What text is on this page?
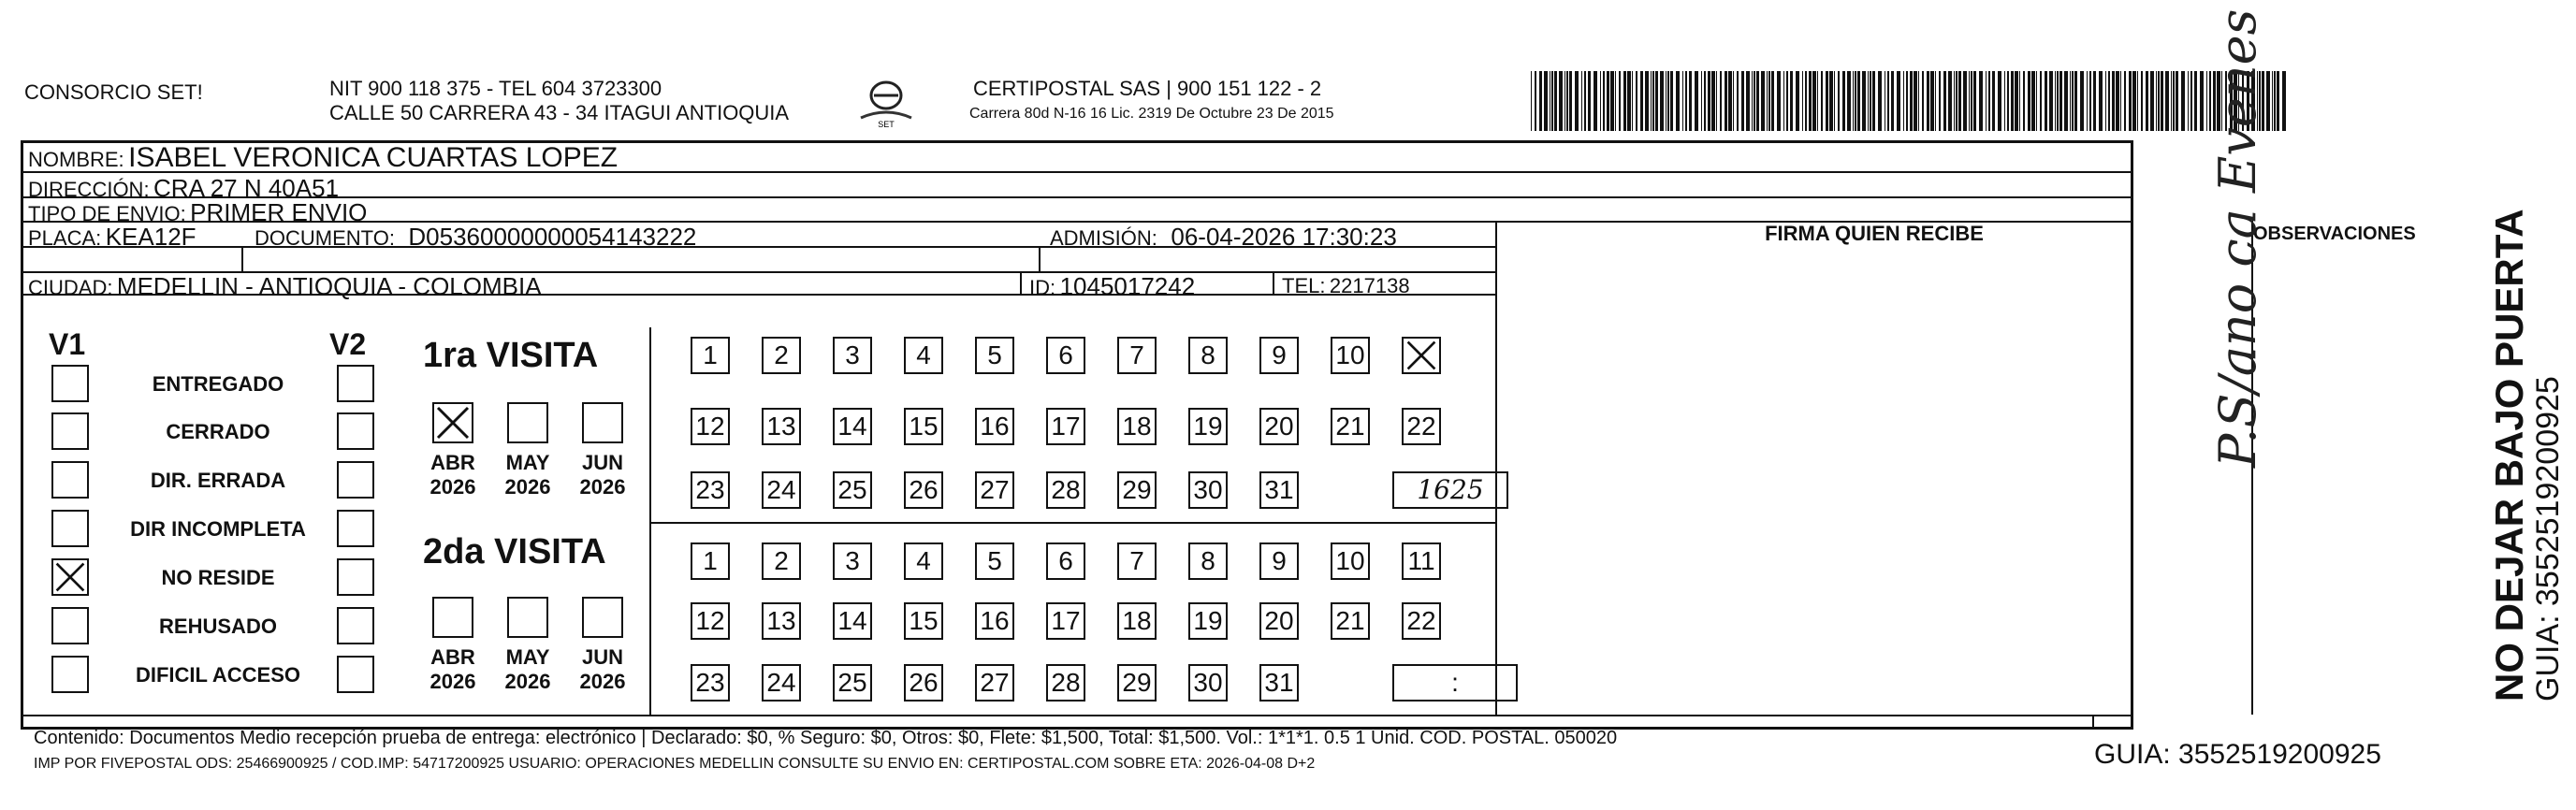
CONSORCIO SET!	NIT 900 118 375 - TEL 604 3723300
CALLE 50 CARRERA 43 - 34 ITAGUI ANTIOQUIA	SET
CERTIPOSTAL SAS | 900 151 122 - 2
Carrera 80d N-16 16 Lic. 2319 De Octubre 23 De 2015
NOMBRE: ISABEL VERONICA CUARTAS LOPEZ
DIRECCIÓN: CRA 27 N 40A51
TIPO DE ENVIO: PRIMER ENVIO
PLACA: KEA12F	DOCUMENTO: D05360000000054143222	ADMISIÓN: 06-04-2026 17:30:23
CIUDAD: MEDELLIN - ANTIOQUIA - COLOMBIA	ID: 1045017242	TEL: 2217138
FIRMA QUIEN RECIBE	OBSERVACIONES
V1	V2
ENTREGADO
CERRADO
DIR. ERRADA
DIR INCOMPLETA
NO RESIDE
REHUSADO
DIFICIL ACCESO
1ra VISITA
ABR
2026
MAY
2026
JUN
2026
1	2	3	4	5	6	7	8	9	10
12 13 14 15 16 17 18 19 20 21 22
23 24 25 26 27 28 29 30 31	1625
2da VISITA
ABR
2026
MAY
2026
JUN
2026
1	2	3	4	5	6	7	8	9	10 11
12 13 14 15 16 17 18 19 20 21 22
23 24 25 26 27 28 29 30 31	:
P.S/ano ca Evenes
Contenido: Documentos Medio recepción prueba de entrega: electrónico | Declarado: $0, % Seguro: $0, Otros: $0, Flete: $1,500, Total: $1,500. Vol.: 1*1*1. 0.5 1 Unid. COD. POSTAL. 050020
IMP POR FIVEPOSTAL ODS: 25466900925 / COD.IMP: 54717200925 USUARIO: OPERACIONES MEDELLIN CONSULTE SU ENVIO EN: CERTIPOSTAL.COM SOBRE ETA: 2026-04-08 D+2	GUIA: 3552519200925
NO DEJAR BAJO PUERTA GUIA: 3552519200925
